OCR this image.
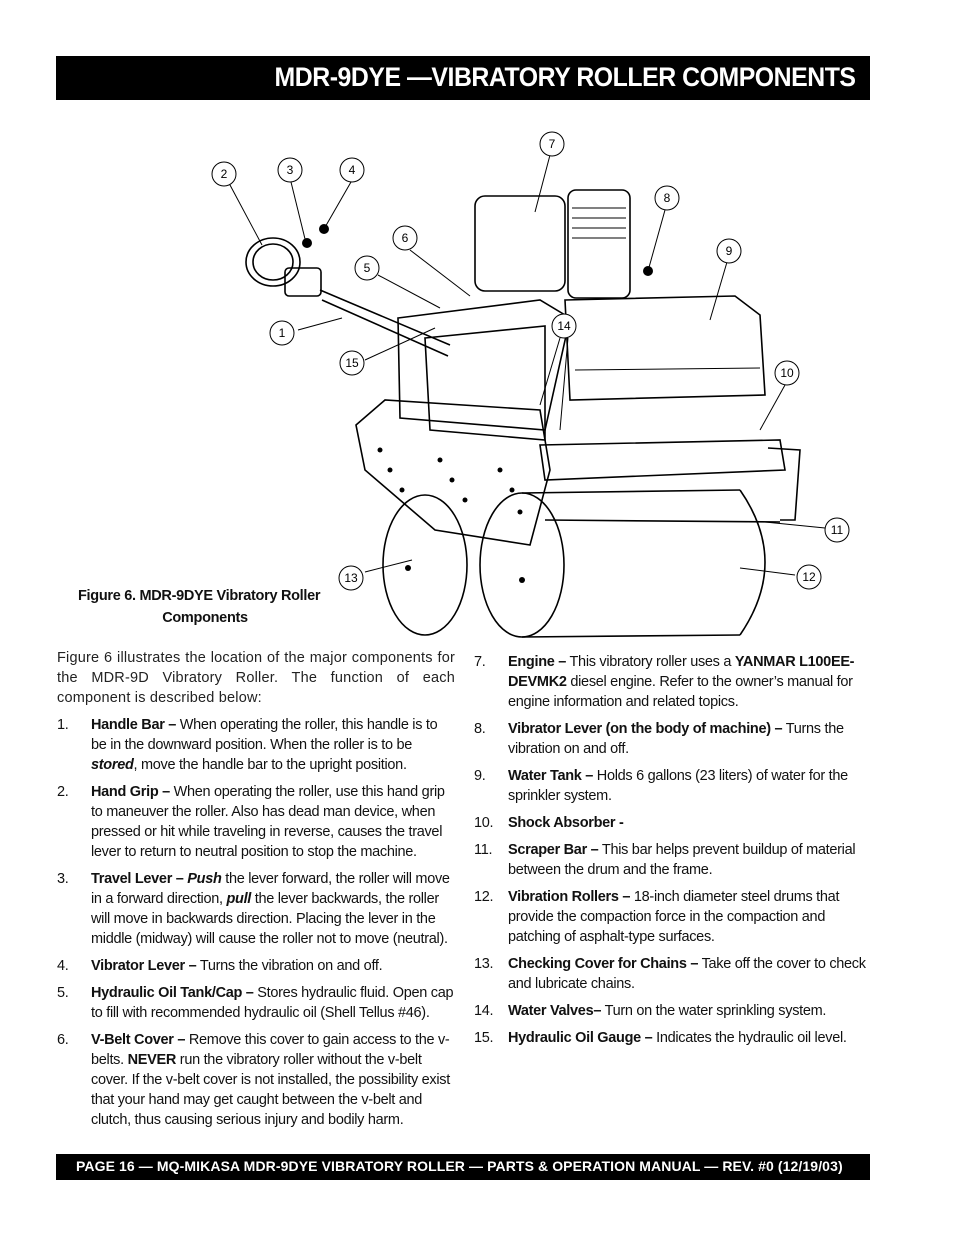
MDR-9DYE —VIBRATORY ROLLER COMPONENTS
1
2	3	4
5
6
7
8
9
10
11
12
13
14
15
Figure 6. MDR-9DYE Vibratory Roller
Components

Figure 6 illustrates the location of the major components for the MDR-9D Vibratory Roller. The function of each component is described below:

1.	Handle Bar – When operating the roller, this handle is to be in the downward position. When the roller is to be stored, move the handle bar to the upright position.
2.	Hand Grip – When operating the roller, use this hand grip to maneuver the roller. Also has dead man device, when pressed or hit while traveling in reverse, causes the travel lever to return to neutral position to stop the machine.
3.	Travel Lever – Push the lever forward, the roller will move in a forward direction, pull the lever backwards, the roller will move in backwards direction. Placing the lever in the middle (midway) will cause the roller not to move (neutral).
4.	Vibrator Lever – Turns the vibration on and off.
5.	Hydraulic Oil Tank/Cap – Stores hydraulic fluid. Open cap to fill with recommended hydraulic oil (Shell Tellus #46).
6.	V-Belt Cover – Remove this cover to gain access to the v-belts. NEVER run the vibratory roller without the v-belt cover. If the v-belt cover is not installed, the possibility exist that your hand may get caught between the v-belt and clutch, thus causing serious injury and bodily harm.
7.	Engine – This vibratory roller uses a YANMAR L100EE-DEVMK2 diesel engine. Refer to the owner’s manual for engine information and related topics.
8.	Vibrator Lever (on the body of machine) – Turns the vibration on and off.
9.	Water Tank – Holds 6 gallons (23 liters) of water for the sprinkler system.
10.	Shock Absorber -
11.	Scraper Bar – This bar helps prevent buildup of material between the drum and the frame.
12.	Vibration Rollers – 18-inch diameter steel drums that provide the compaction force in the compaction and patching of asphalt-type surfaces.
13.	Checking Cover for Chains – Take off the cover to check and lubricate chains.
14.	Water Valves– Turn on the water sprinkling system.
15.	Hydraulic Oil Gauge – Indicates the hydraulic oil level.
PAGE 16 — MQ-MIKASA MDR-9DYE VIBRATORY ROLLER — PARTS & OPERATION MANUAL — REV. #0 (12/19/03)
